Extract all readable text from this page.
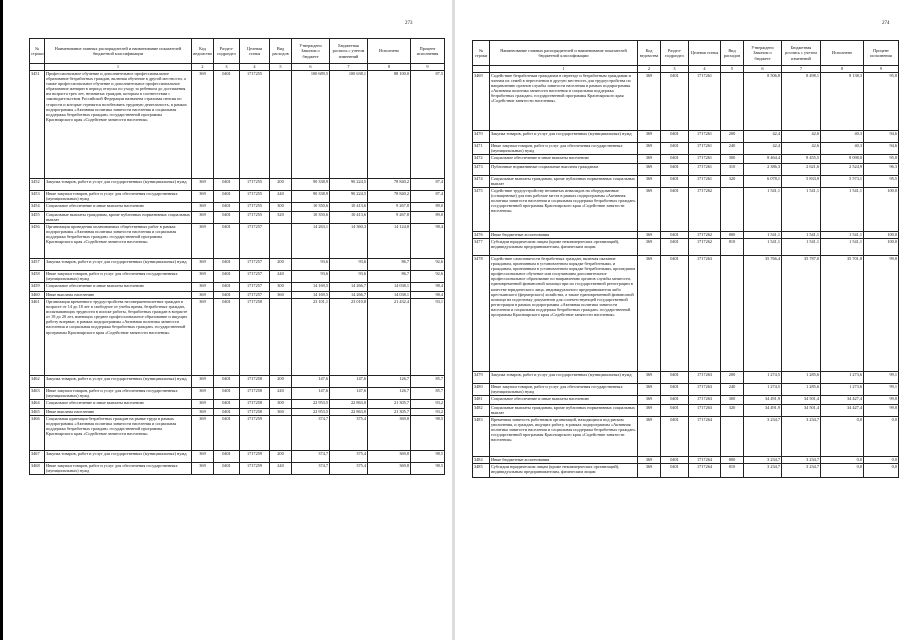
273
№ строки	Наименование главных распорядителей и наименование показателей бюджетной классификации	Код ведомства	Раздел-подраздел	Целевая статья	Вид расходов	Утверждено Законом о бюджете	Бюджетная роспись с учетом изменений	Исполнено	Процент исполнения
	1	2	3	4	5	6	7	8	9
3451	Профессиональное обучение и дополнительное профессиональное образование безработных граждан, включая обучение в другой местности, а также профессиональное обучение и дополнительное профессиональное образование женщин в период отпуска по уходу за ребенком до достижения им возраста трех лет, незанятых граждан, которым в соответствии с законодательством Российской Федерации назначена страховая пенсия по старости и которые стремятся возобновить трудовую деятельность, в рамках подпрограммы «Активная политика занятости населения и социальная поддержка безработных граждан» государственной программы Красноярского края «Содействие занятости населения»	369	0401	1717255		100 689,5	100 638,1	88 100,0	87,5
3452	Закупка товаров, работ и услуг для государственных (муниципальных) нужд	369	0401	1717255	200	90 338,9	90 224,5	78 840,2	87,4
3453	Иные закупки товаров, работ и услуг для обеспечения государственных (муниципальных) нужд	369	0401	1717255	240	90 338,9	90 224,5	78 840,2	87,4
3454	Социальное обеспечение и иные выплаты населению	369	0401	1717255	300	10 350,6	10 413,6	9 267,8	89,0
3455	Социальные выплаты гражданам, кроме публичных нормативных социальных выплат	369	0401	1717255	320	10 350,6	10 413,6	9 267,8	89,0
3456	Организация проведения оплачиваемых общественных работ в рамках подпрограммы «Активная политика занятости населения и социальная поддержка безработных граждан» государственной программы Красноярского края «Содействие занятости населения»	369	0401	1717257		14 263,1	14 360,3	14 124,8	98,4
3457	Закупка товаров, работ и услуг для государственных (муниципальных) нужд	369	0401	1717257	200	93,6	93,6	86,7	92,6
3458	Иные закупки товаров, работ и услуг для обеспечения государственных (муниципальных) нужд	369	0401	1717257	240	93,6	93,6	86,7	92,6
3459	Социальное обеспечение и иные выплаты населению	369	0401	1717257	300	14 169,5	14 266,7	14 038,1	98,4
3460	Иные выплаты населению	369	0401	1717257	360	14 169,5	14 266,7	14 038,1	98,4
3461	Организация временного трудоустройства несовершеннолетних граждан в возрасте от 14 до 18 лет в свободное от учебы время, безработных граждан, испытывающих трудности в поиске работы, безработных граждан в возрасте от 18 до 20 лет, имеющих среднее профессиональное образование и ищущих работу впервые, в рамках подпрограммы «Активная политика занятости населения и социальная поддержка безработных граждан» государственной программы Красноярского края «Содействие занятости населения»	369	0401	1717258		23 101,1	23 010,8	21 432,4	93,1
3462	Закупка товаров, работ и услуг для государственных (муниципальных) нужд	369	0401	1717258	200	147,6	147,6	126,7	85,7
3463	Иные закупки товаров, работ и услуг для обеспечения государственных (муниципальных) нужд	369	0401	1717258	240	147,6	147,6	126,7	85,7
3464	Социальное обеспечение и иные выплаты населению	369	0401	1717258	300	22 953,5	22 863,0	21 305,7	93,2
3465	Иные выплаты населению	369	0401	1717258	360	22 953,5	22 863,0	21 305,7	93,2
3466	Социальная адаптация безработных граждан на рынке труда в рамках подпрограммы «Активная политика занятости населения и социальная поддержка безработных граждан» государственной программы Красноярского края «Содействие занятости населения»	369	0401	1717259		374,7	375,4	369,8	98,5
3467	Закупка товаров, работ и услуг для государственных (муниципальных) нужд	369	0401	1717259	200	374,7	375,4	369,8	98,5
3468	Иные закупки товаров, работ и услуг для обеспечения государственных (муниципальных) нужд	369	0401	1717259	240	374,7	375,4	369,8	98,5
274
№ строки	Наименование главных распорядителей и наименование показателей бюджетной классификации	Код ведомства	Раздел-подраздел	Целевая статья	Вид расходов	Утверждено Законом о бюджете	Бюджетная роспись с учетом изменений	Исполнено	Процент исполнения
	1	2	3	4	5	6	7	8	9
3469	Содействие безработным гражданам в переезде и безработным гражданам и членам их семей в переселении в другую местность для трудоустройства по направлению органов службы занятости населения в рамках подпрограммы «Активная политика занятости населения и социальная поддержка безработных граждан» государственной программы Красноярского края «Содействие занятости населения»	369	0401	1717261		8 506,8	8 498,1	8 138,3	95,8
3470	Закупка товаров, работ и услуг для государственных (муниципальных) нужд	369	0401	1717261	200	42,4	42,6	40,3	94,6
3471	Иные закупки товаров, работ и услуг для обеспечения государственных (муниципальных) нужд	369	0401	1717261	240	42,4	42,6	40,3	94,6
3472	Социальное обеспечение и иные выплаты населению	369	0401	1717261	300	8 464,4	8 455,5	8 098,0	95,8
3473	Публичные нормативные социальные выплаты гражданам	369	0401	1717261	310	2 386,3	2 621,6	2 524,9	96,3
3474	Социальные выплаты гражданам, кроме публичных нормативных социальных выплат	369	0401	1717261	320	6 078,1	5 833,9	5 573,1	95,5
3475	Содействие трудоустройству незанятых инвалидов на оборудованные (оснащенные) для них рабочие места в рамках подпрограммы «Активная политика занятости населения и социальная поддержка безработных граждан» государственной программы Красноярского края «Содействие занятости населения»	369	0401	1717262		1 541,1	1 541,1	1 541,1	100,0
3476	Иные бюджетные ассигнования	369	0401	1717262	800	1 541,1	1 541,1	1 541,1	100,0
3477	Субсидии юридическим лицам (кроме некоммерческих организаций), индивидуальным предпринимателям, физическим лицам	369	0401	1717262	810	1 541,1	1 541,1	1 541,1	100,0
3478	Содействие самозанятости безработных граждан, включая оказание гражданам, признанным в установленном порядке безработными, и гражданам, признанным в установленном порядке безработными, прошедшим профессиональное обучение или получившим дополнительное профессиональное образование по направлению органов службы занятости, единовременной финансовой помощи при их государственной регистрации в качестве юридического лица, индивидуального предпринимателя либо крестьянского (фермерского) хозяйства, а также единовременной финансовой помощи на подготовку документов для соответствующей государственной регистрации в рамках подпрограммы «Активная политика занятости населения и социальная поддержка безработных граждан» государственной программы Красноярского края «Содействие занятости населения»	369	0401	1717263		35 766,4	35 787,0	35 701,8	99,8
3479	Закупка товаров, работ и услуг для государственных (муниципальных) нужд	369	0401	1717263	200	1 274,5	1 285,6	1 273,6	99,1
3480	Иные закупки товаров, работ и услуг для обеспечения государственных (муниципальных) нужд	369	0401	1717263	240	1 274,5	1 285,6	1 273,6	99,1
3481	Социальное обеспечение и иные выплаты населению	369	0401	1717263	300	34 491,9	34 501,4	34 427,4	99,8
3482	Социальные выплаты гражданам, кроме публичных нормативных социальных выплат	369	0401	1717263	320	34 491,9	34 501,4	34 427,4	99,8
3483	Временная занятость работников организаций, находящихся под риском увольнения, и граждан, ищущих работу, в рамках подпрограммы «Активная политика занятости населения и социальная поддержка безработных граждан» государственной программы Красноярского края «Содействие занятости населения»	369	0401	1717264		3 234,7	3 234,7	0,0	0,0
3484	Иные бюджетные ассигнования	369	0401	1717264	800	3 234,7	3 234,7	0,0	0,0
3485	Субсидии юридическим лицам (кроме некоммерческих организаций), индивидуальным предпринимателям, физическим лицам	369	0401	1717264	810	3 234,7	3 234,7	0,0	0,0
